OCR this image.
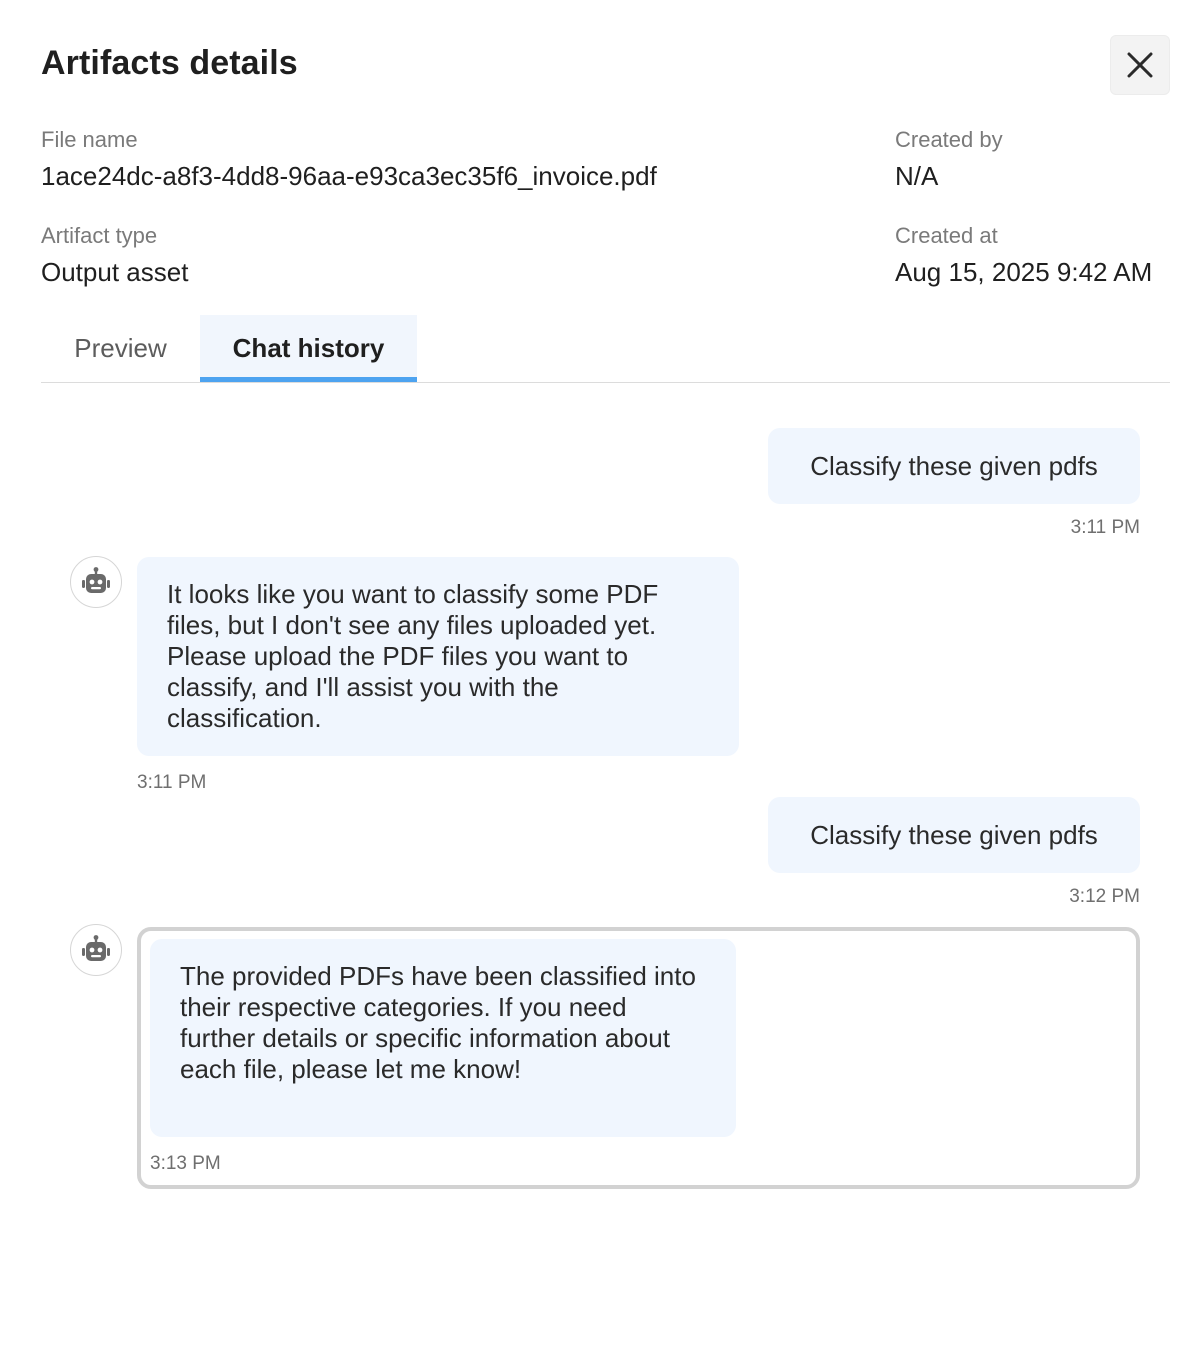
Artifacts details
File name
1ace24dc-a8f3-4dd8-96aa-e93ca3ec35f6_invoice.pdf
Created by
N/A
Artifact type
Output asset
Created at
Aug 15, 2025 9:42 AM
Preview	Chat history
Classify these given pdfs
3:11 PM
It looks like you want to classify some PDF files, but I don't see any files uploaded yet. Please upload the PDF files you want to classify, and I'll assist you with the classification.
3:11 PM
Classify these given pdfs
3:12 PM
The provided PDFs have been classified into their respective categories. If you need further details or specific information about each file, please let me know!
3:13 PM
